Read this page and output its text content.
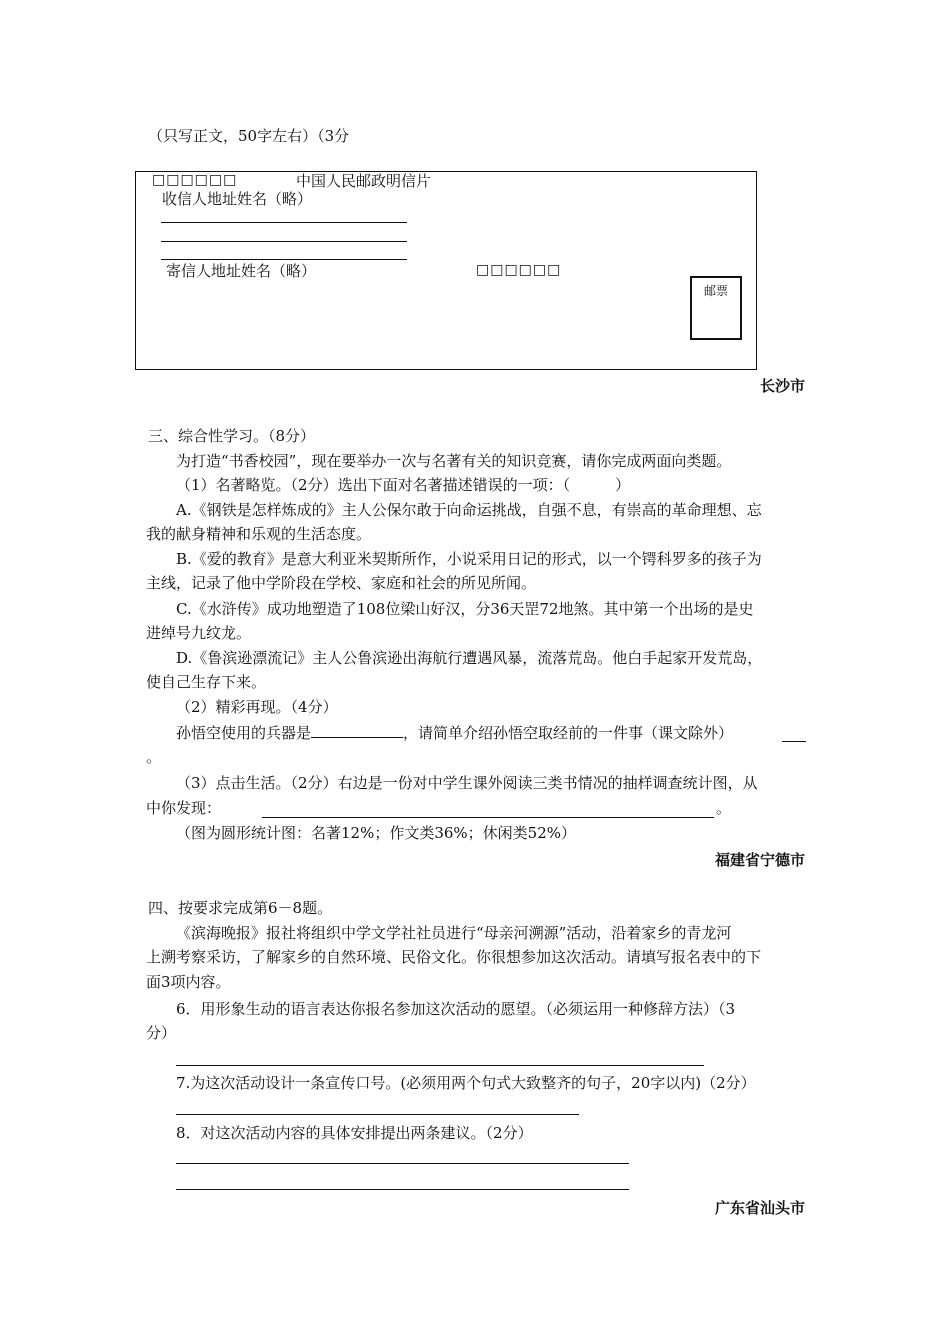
（只写正文，50字左右）（3分
□□□□□□	中国人民邮政明信片
收信人地址姓名（略）
寄信人地址姓名（略）	□□□□□□
邮票
长沙市
三、综合性学习。（8分）
为打造“书香校园”，现在要举办一次与名著有关的知识竞赛，请你完成两面向类题。
（1）名著略览。（2分）选出下面对名著描述错误的一项：（　　　）
A.《钢铁是怎样炼成的》主人公保尔敢于向命运挑战，自强不息，有崇高的革命理想、忘
我的献身精神和乐观的生活态度。
B.《爱的教育》是意大利亚米契斯所作，小说采用日记的形式，以一个锷科罗多的孩子为
主线，记录了他中学阶段在学校、家庭和社会的所见所闻。
C.《水浒传》成功地塑造了108位梁山好汉，分36天罡72地煞。其中第一个出场的是史
进绰号九纹龙。
D.《鲁滨逊漂流记》主人公鲁滨逊出海航行遭遇风暴，流落荒岛。他白手起家开发荒岛，
使自己生存下来。
（2）精彩再现。（4分）
孙悟空使用的兵器是	，请简单介绍孙悟空取经前的一件事（课文除外）
。
（3）点击生活。（2分）右边是一份对中学生课外阅读三类书情况的抽样调查统计图，从
中你发现：	。
（图为圆形统计图：名著12%；作文类36%；休闲类52%）
福建省宁德市
四、按要求完成第6－8题。
《滨海晚报》报社将组织中学文学社社员进行“母亲河溯源”活动，沿着家乡的青龙河
上溯考察采访，了解家乡的自然环境、民俗文化。你很想参加这次活动。请填写报名表中的下
面3项内容。
6．用形象生动的语言表达你报名参加这次活动的愿望。（必须运用一种修辞方法）（3
分）
7.为这次活动设计一条宣传口号。(必须用两个句式大致整齐的句子，20字以内)（2分）
8．对这次活动内容的具体安排提出两条建议。（2分）
广东省汕头市
